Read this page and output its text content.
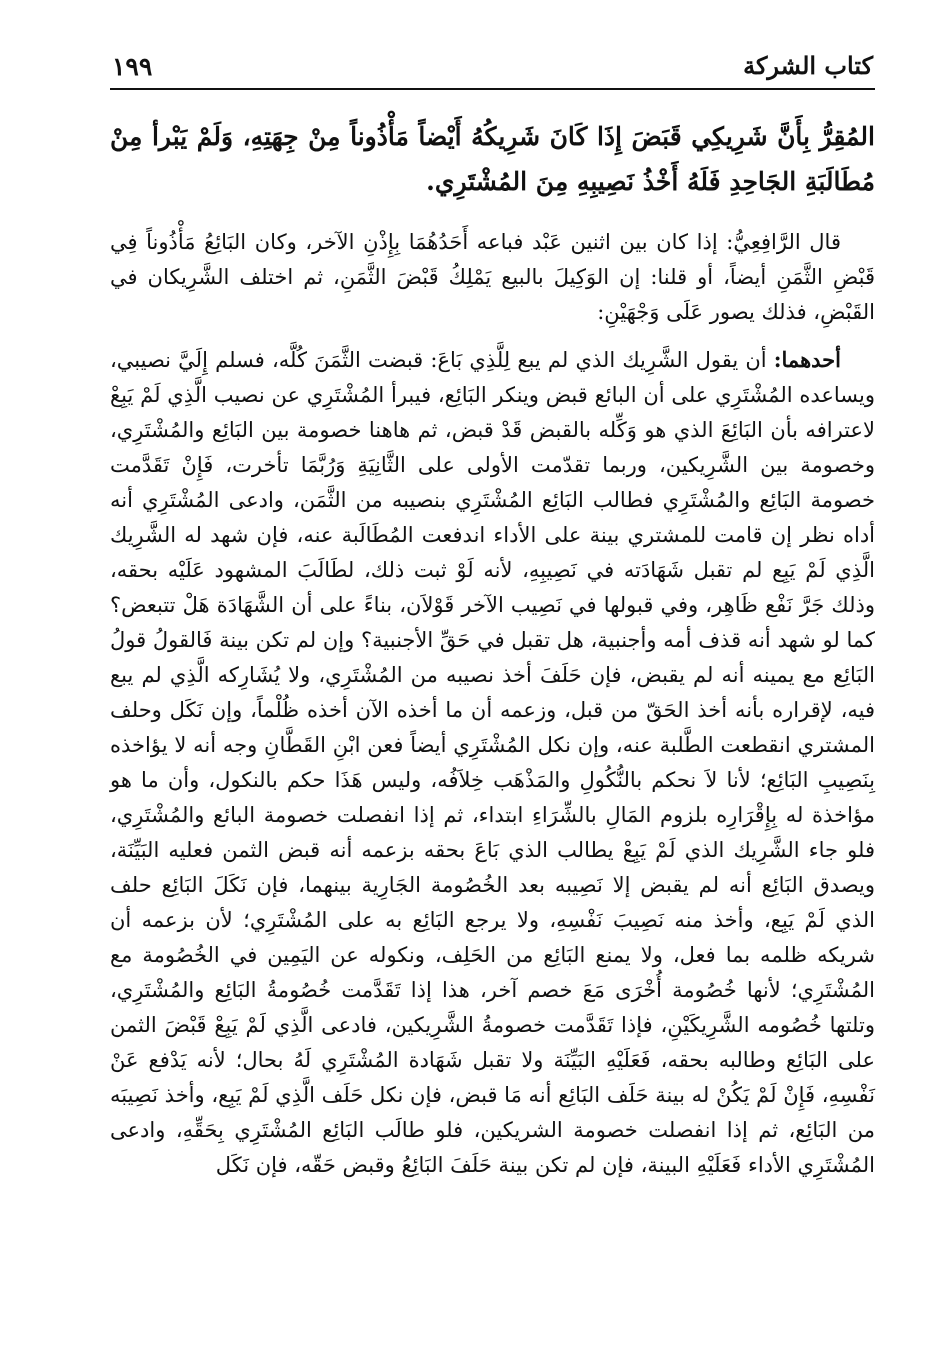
كتاب الشركة
١٩٩
المُقِرُّ بِأَنَّ شَرِيكِي قَبَضَ إِذَا كَانَ شَرِيكُهُ أَيْضاً مَأْذُوناً مِنْ جِهَتِهِ، وَلَمْ يَبْرأ مِنْ مُطَالَبَةِ الجَاحِدِ فَلَهُ أَخْذُ نَصِيبِهِ مِنَ المُشْتَرِي.
قال الرَّافِعِيُّ: إذا كان بين اثنين عَبْد فباعه أَحَدُهُمَا بِإِذْنِ الآخر، وكان البَائِعُ مَأْذُوناً فِي قَبْضِ الثَّمَنِ أيضاً، أو قلنا: إن الوَكِيلَ بالبيع يَمْلِكُ قَبْضَ الثَّمَنِ، ثم اختلف الشَّرِيكان في القَبْضِ، فذلك يصور عَلَى وَجْهَيْنِ:
أحدهما: أن يقول الشَّرِيك الذي لم يبع لِلَّذِي بَاعَ: قبضت الثَّمَنَ كُلَّه، فسلم إِلَيَّ نصيبي، ويساعده المُشْتَرِي على أن البائع قبض وينكر البَائِع، فيبرأ المُشْتَرِي عن نصيب الَّذِي لَمْ يَبِعْ لاعترافه بأن البَائِعَ الذي هو وَكِّله بالقبض قَدْ قبض، ثم هاهنا خصومة بين البَائِع والمُشْتَرِي، وخصومة بين الشَّرِيكين، وربما تقدّمت الأولى على الثَّانِيَةِ وَرُبَّمَا تأخرت، فَإِنْ تَقَدَّمت خصومة البَائِع والمُشْتَرِي فطالب البَائِع المُشْتَرِي بنصيبه من الثَّمَن، وادعى المُشْتَرِي أنه أداه نظر إن قامت للمشتري بينة على الأداء اندفعت المُطَالَبة عنه، فإن شهد له الشَّرِيك الَّذِي لَمْ يَبِع لم تقبل شَهَادَته في نَصِيبِهِ، لأنه لَوْ ثبت ذلك، لطَالَبَ المشهود عَلَيْه بحقه، وذلك جَرَّ نَفْع ظَاهِر، وفي قبولها في نَصِيب الآخر قَوْلاَن، بناءً على أن الشَّهَادَة هَلْ تتبعض؟ كما لو شهد أنه قذف أمه وأجنبية، هل تقبل في حَقِّ الأجنبية؟ وإن لم تكن بينة فَالقولُ قولُ البَائِع مع يمينه أنه لم يقبض، فإن حَلَفَ أخذ نصيبه من المُشْتَرِي، ولا يُشَارِكه الَّذِي لم يبع فيه، لإقراره بأنه أخذ الحَقّ من قبل، وزعمه أن ما أخذه الآن أخذه ظُلْماً، وإن نَكَل وحلف المشتري انقطعت الطَّلبة عنه، وإن نكل المُشْتَرِي أيضاً فعن ابْنِ القَطَّانِ وجه أنه لا يؤاخذه بِنَصِيبِ البَائِع؛ لأنا لاَ نحكم بالنُّكُولِ والمَذْهَب خِلاَفُه، وليس هَذَا حكم بالنكول، وأن ما هو مؤاخذة له بِإِقْرَارِه بلزوم المَالِ بالشِّرَاءِ ابتداء، ثم إذا انفصلت خصومة البائع والمُشْتَرِي، فلو جاء الشَّرِيك الذي لَمْ يَبِعْ يطالب الذي بَاعَ بحقه بزعمه أنه قبض الثمن فعليه البَيِّنَة، ويصدق البَائِع أنه لم يقبض إلا نَصِيبه بعد الخُصُومة الجَارِية بينهما، فإن نَكَلَ البَائِع حلف الذي لَمْ يَبِع، وأخذ منه نَصِيبَ نَفْسِهِ، ولا يرجع البَائِع به على المُشْتَرِي؛ لأن بزعمه أن شريكه ظلمه بما فعل، ولا يمنع البَائِع من الحَلِف، ونكوله عن اليَمِين في الخُصُومة مع المُشْتَرِي؛ لأنها خُصُومة أُخْرَى مَعَ خصم آخر، هذا إذا تَقَدَّمت خُصُومةُ البَائِع والمُشْتَرِي، وتلتها خُصُومه الشَّرِيكَيْنِ، فإذا تَقَدَّمت خصومةُ الشَّرِيكين، فادعى الَّذِي لَمْ يَبِعْ قَبْضَ الثمن على البَائِع وطالبه بحقه، فَعَلَيْهِ البَيِّنَة ولا تقبل شَهَادة المُشْتَرِي لَهُ بحال؛ لأنه يَدْفع عَنْ نَفْسِهِ، فَإِنْ لَمْ يَكُنْ له بينة حَلَف البَائِع أنه مَا قبض، فإن نكل حَلَف الَّذِي لَمْ يَبِع، وأخذ نَصِيبَه من البَائِع، ثم إذا انفصلت خصومة الشريكين، فلو طالَب البَائِع المُشْتَرِي بِحَقِّهِ، وادعى المُشْتَرِي الأداء فَعَلَيْهِ البينة، فإن لم تكن بينة حَلَفَ البَائِعُ وقبض حَقّه، فإن نَكَل
